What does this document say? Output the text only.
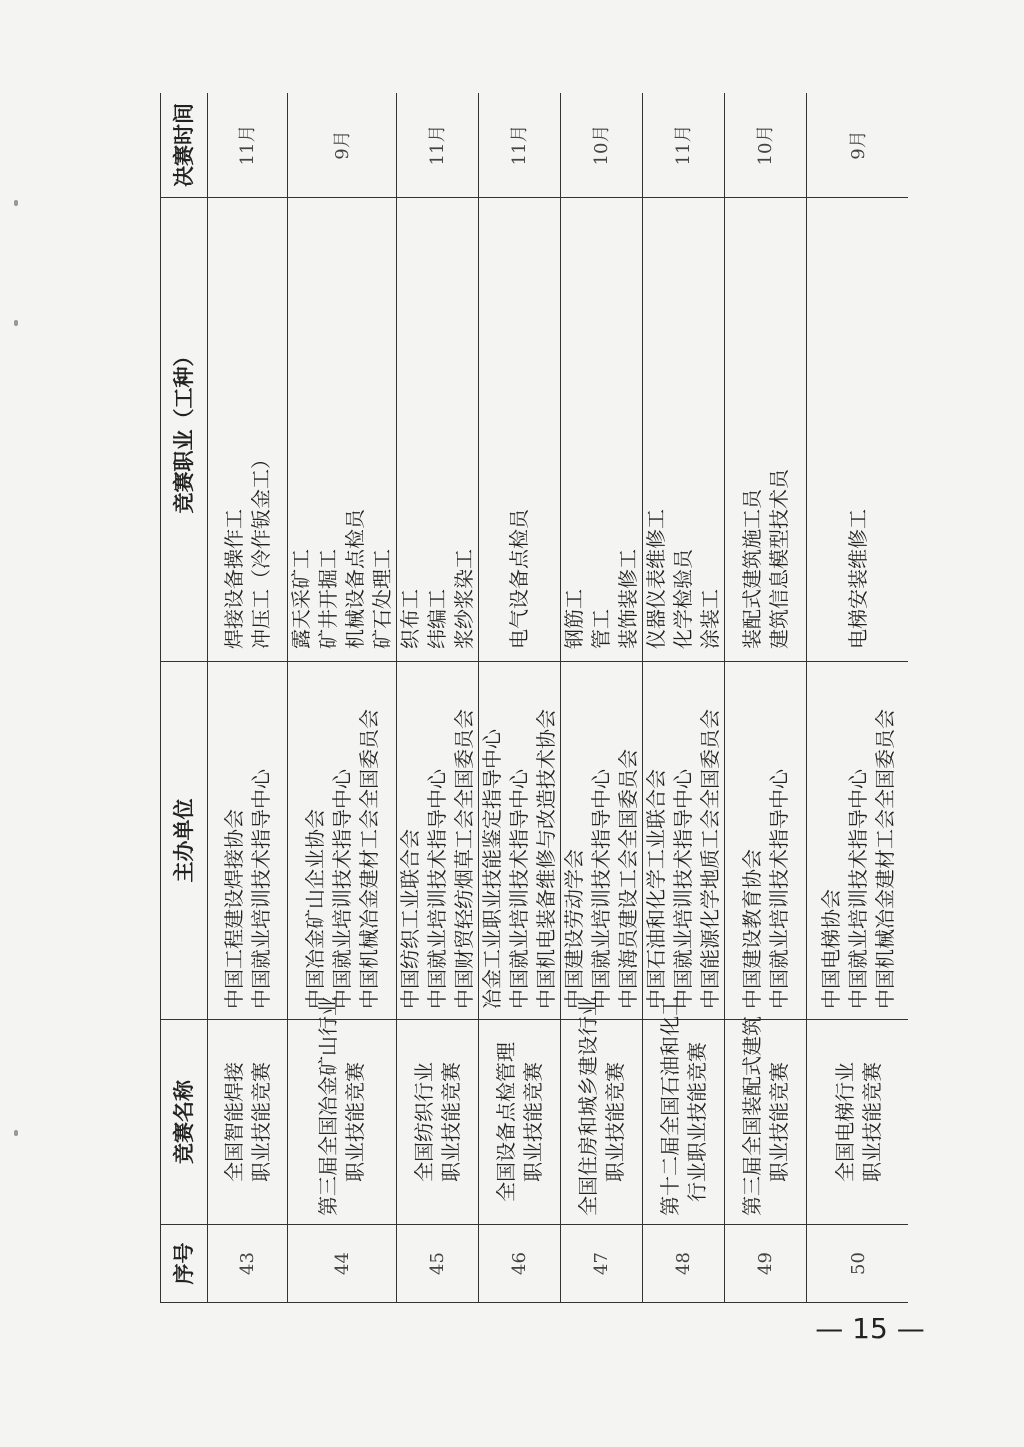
序号	竞赛名称	主办单位	竞赛职业（工种）	决赛时间
43	全国智能焊接 职业技能竞赛	中国工程建设焊接协会 中国就业培训技术指导中心	焊接设备操作工 冲压工（冷作钣金工）	11月
44	第三届全国冶金矿山行业 职业技能竞赛	中国冶金矿山企业协会 中国就业培训技术指导中心 中国机械冶金建材工会全国委员会	露天采矿工 矿井开掘工 机械设备点检员 矿石处理工	9月
45	全国纺织行业 职业技能竞赛	中国纺织工业联合会 中国就业培训技术指导中心 中国财贸轻纺烟草工会全国委员会	织布工 纬编工 浆纱浆染工	11月
46	全国设备点检管理 职业技能竞赛	冶金工业职业技能鉴定指导中心 中国就业培训技术指导中心 中国机电装备维修与改造技术协会	电气设备点检员	11月
47	全国住房和城乡建设行业 职业技能竞赛	中国建设劳动学会 中国就业培训技术指导中心 中国海员建设工会全国委员会	钢筋工 管工 装饰装修工	10月
48	第十二届全国石油和化工 行业职业技能竞赛	中国石油和化学工业联合会 中国就业培训技术指导中心 中国能源化学地质工会全国委员会	仪器仪表维修工 化学检验员 涂装工	11月
49	第三届全国装配式建筑 职业技能竞赛	中国建设教育协会 中国就业培训技术指导中心	装配式建筑施工员 建筑信息模型技术员	10月
50	全国电梯行业 职业技能竞赛	中国电梯协会 中国就业培训技术指导中心 中国机械冶金建材工会全国委员会	电梯安装维修工	9月
— 15 —
